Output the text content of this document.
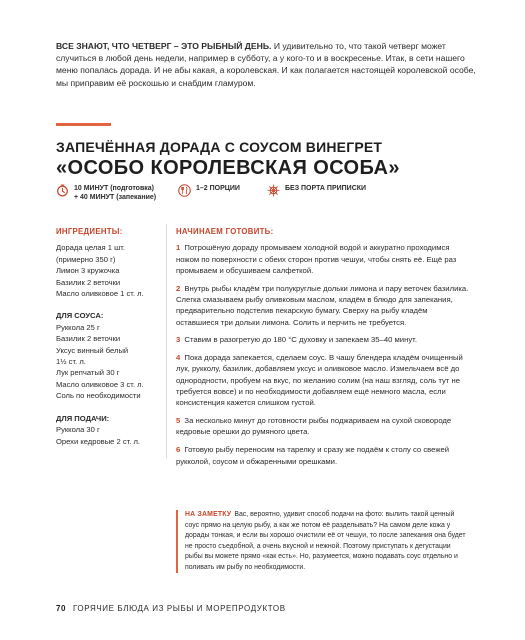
ВСЕ ЗНАЮТ, ЧТО ЧЕТВЕРГ – ЭТО РЫБНЫЙ ДЕНЬ. И удивительно то, что такой четверг может случиться в любой день недели, например в субботу, а у кого-то и в воскресенье. Итак, в сети нашего меню попалась дорада. И не абы какая, а королевская. И как полагается настоящей королевской особе, мы приправим её роскошью и снабдим гламуром.
ЗАПЕЧЁННАЯ ДОРАДА С СОУСОМ ВИНЕГРЕТ
«ОСОБО КОРОЛЕВСКАЯ ОСОБА»
10 МИНУТ (подготовка)
+ 40 МИНУТ (запекание)
1–2 ПОРЦИИ	БЕЗ ПОРТА ПРИПИСКИ
ИНГРЕДИЕНТЫ:
Дорада целая 1 шт.
(примерно 350 г)
Лимон 3 кружочка
Базилик 2 веточки
Масло оливковое 1 ст. л.
ДЛЯ СОУСА:
Руккола 25 г
Базилик 2 веточки
Уксус винный белый
1½ ст. л.
Лук репчатый 30 г
Масло оливковое 3 ст. л.
Соль по необходимости
ДЛЯ ПОДАЧИ:
Руккола 30 г
Орехи кедровые 2 ст. л.
НАЧИНАЕМ ГОТОВИТЬ:
1 Потрошёную дораду промываем холодной водой и аккуратно проходимся ножом по поверхности с обеих сторон против чешуи, чтобы снять её. Ещё раз промываем и обсушиваем салфеткой.
2 Внутрь рыбы кладём три полукруглые дольки лимона и пару веточек базилика. Слегка смазываем рыбу оливковым маслом, кладём в блюдо для запекания, предварительно подстелив пекарскую бумагу. Сверху на рыбу кладём оставшиеся три дольки лимона. Солить и перчить не требуется.
3 Ставим в разогретую до 180 °С духовку и запекаем 35–40 минут.
4 Пока дорада запекается, сделаем соус. В чашу блендера кладём очищенный лук, рукколу, базилик, добавляем уксус и оливковое масло. Измельчаем всё до однородности, пробуем на вкус, по желанию солим (на наш взгляд, соль тут не требуется вовсе) и по необходимости добавляем ещё немного масла, если консистенция кажется слишком густой.
5 За несколько минут до готовности рыбы поджариваем на сухой сковороде кедровые орешки до румяного цвета.
6 Готовую рыбу переносим на тарелку и сразу же подаём к столу со свежей рукколой, соусом и обжаренными орешками.
НА ЗАМЕТКУ Вас, вероятно, удивит способ подачи на фото: вылить такой ценный соус прямо на целую рыбу, а как же потом её разделывать? На самом деле кожа у дорады тонкая, и если вы хорошо очистили её от чешуи, то после запекания она будет не просто съедобной, а очень вкусной и нежной. Поэтому приступать к дегустации рыбы вы можете прямо «как есть». Но, разумеется, можно подавать соус отдельно и поливать им рыбу по необходимости.
70 ГОРЯЧИЕ БЛЮДА ИЗ РЫБЫ И МОРЕПРОДУКТОВ
